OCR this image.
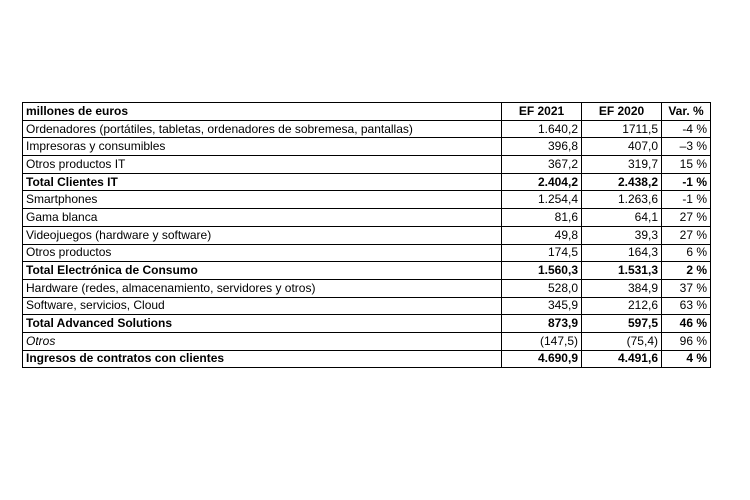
millones de euros	EF 2021	EF 2020	Var. %
Ordenadores (portátiles, tabletas, ordenadores de sobremesa, pantallas)	1.640,2	1711,5	-4 %
Impresoras y consumibles	396,8	407,0	–3 %
Otros productos IT	367,2	319,7	15 %
Total Clientes IT	2.404,2	2.438,2	-1 %
Smartphones	1.254,4	1.263,6	-1 %
Gama blanca	81,6	64,1	27 %
Videojuegos (hardware y software)	49,8	39,3	27 %
Otros productos	174,5	164,3	6 %
Total Electrónica de Consumo	1.560,3	1.531,3	2 %
Hardware (redes, almacenamiento, servidores y otros)	528,0	384,9	37 %
Software, servicios, Cloud	345,9	212,6	63 %
Total Advanced Solutions	873,9	597,5	46 %
Otros	(147,5)	(75,4)	96 %
Ingresos de contratos con clientes	4.690,9	4.491,6	4 %
